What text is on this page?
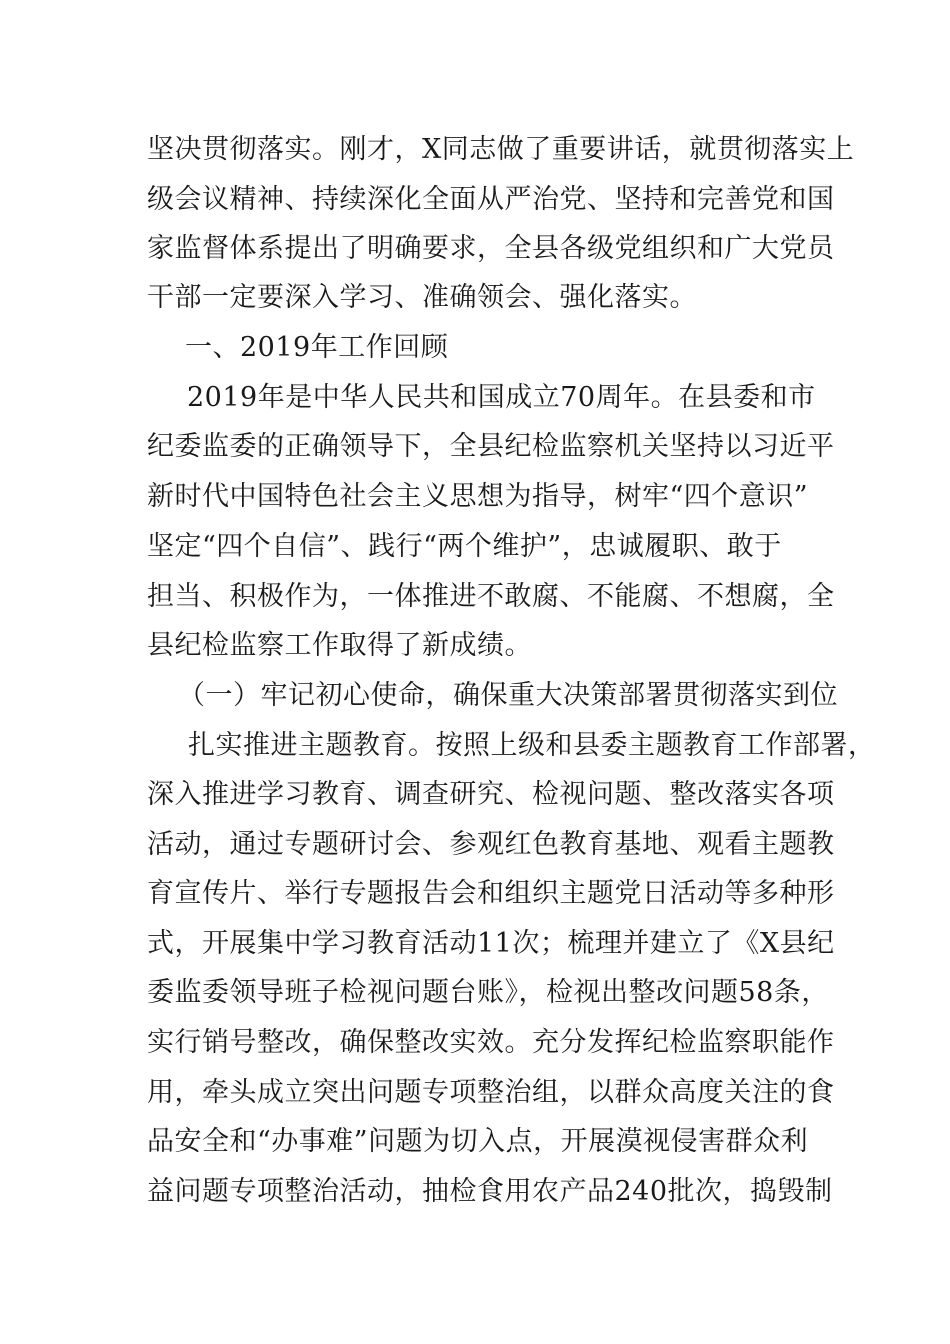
坚决贯彻落实。刚才，X同志做了重要讲话，就贯彻落实上
级会议精神、持续深化全面从严治党、坚持和完善党和国
家监督体系提出了明确要求，全县各级党组织和广大党员
干部一定要深入学习、准确领会、强化落实。
一、2019年工作回顾
2019年是中华人民共和国成立70周年。在县委和市
纪委监委的正确领导下，全县纪检监察机关坚持以习近平
新时代中国特色社会主义思想为指导，树牢“四个意识”
坚定“四个自信”、践行“两个维护”，忠诚履职、敢于
担当、积极作为，一体推进不敢腐、不能腐、不想腐，全
县纪检监察工作取得了新成绩。
（一）牢记初心使命，确保重大决策部署贯彻落实到位
扎实推进主题教育。按照上级和县委主题教育工作部署，
深入推进学习教育、调查研究、检视问题、整改落实各项
活动，通过专题研讨会、参观红色教育基地、观看主题教
育宣传片、举行专题报告会和组织主题党日活动等多种形
式，开展集中学习教育活动11次；梳理并建立了《X县纪
委监委领导班子检视问题台账》，检视出整改问题58条，
实行销号整改，确保整改实效。充分发挥纪检监察职能作
用，牵头成立突出问题专项整治组，以群众高度关注的食
品安全和“办事难”问题为切入点，开展漠视侵害群众利
益问题专项整治活动，抽检食用农产品240批次，捣毁制
